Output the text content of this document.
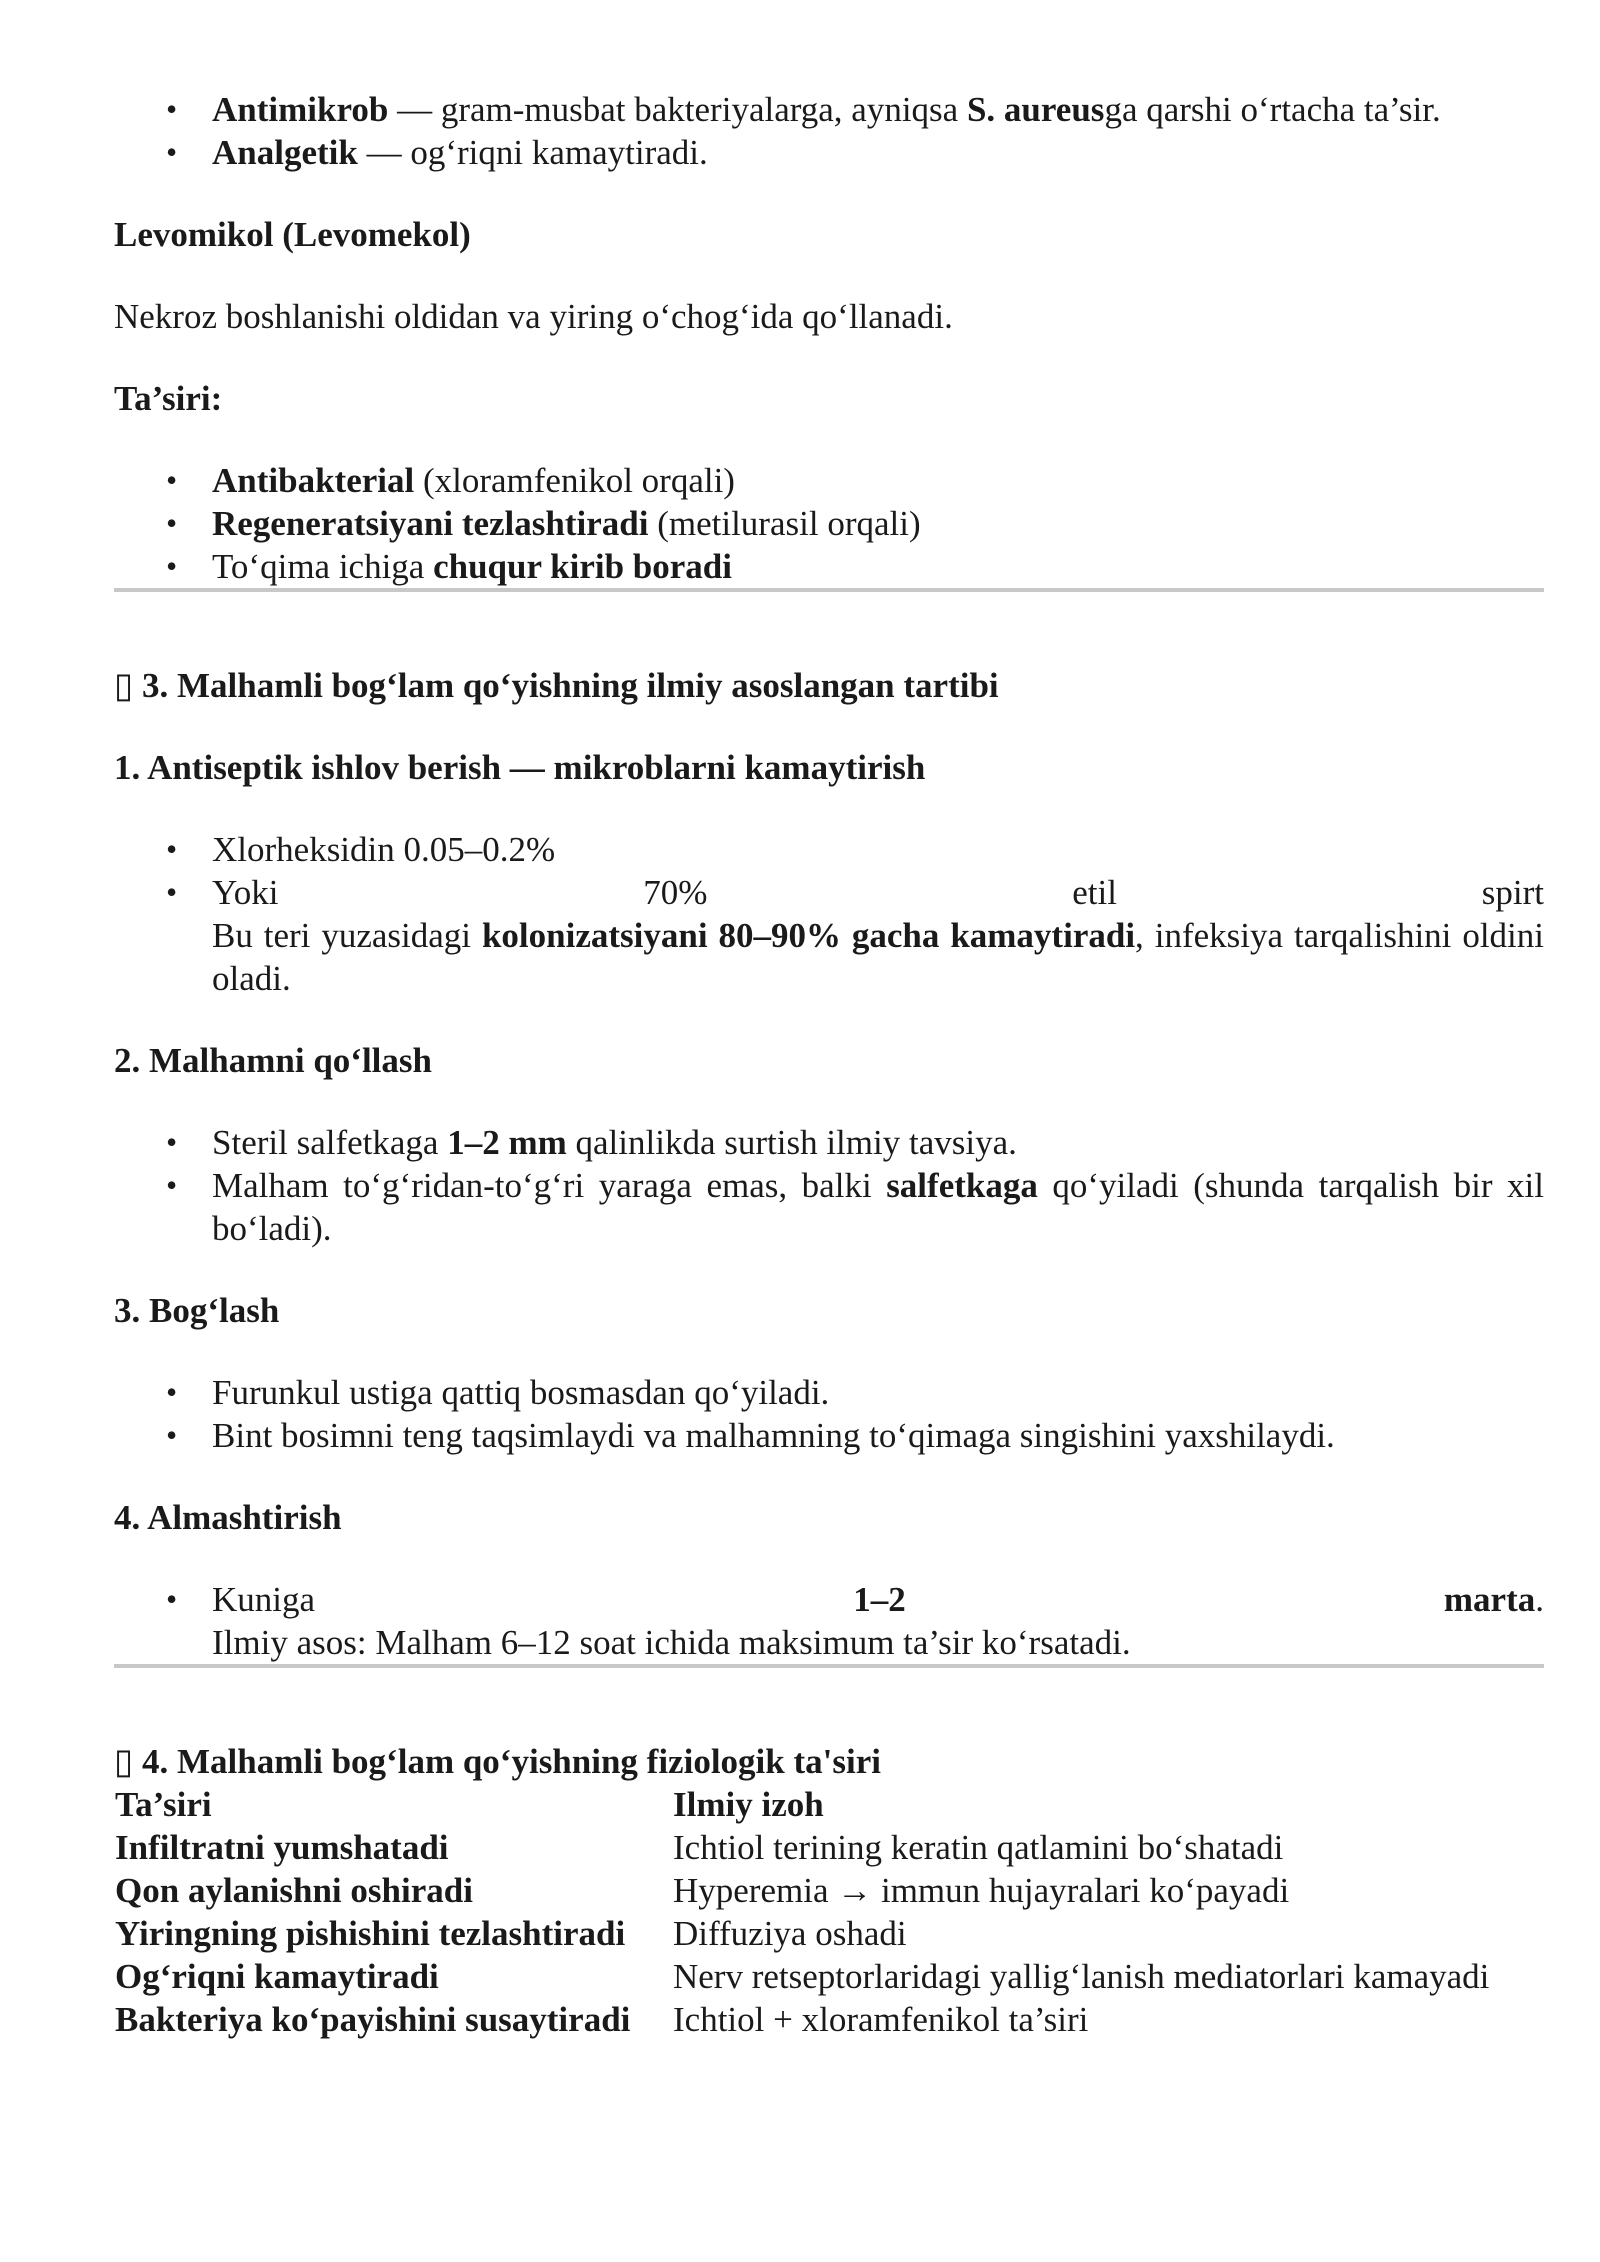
• Antimikrob — gram-musbat bakteriyalarga, ayniqsa S. aureusga qarshi o‘rtacha ta’sir.
• Analgetik — og‘riqni kamaytiradi.

Levomikol (Levomekol)

Nekroz boshlanishi oldidan va yiring o‘chog‘ida qo‘llanadi.

Ta’siri:

• Antibakterial (xloramfenikol orqali)
• Regeneratsiyani tezlashtiradi (metilurasil orqali)
• To‘qima ichiga chuqur kirib boradi

▯ 3. Malhamli bog‘lam qo‘yishning ilmiy asoslangan tartibi

1. Antiseptik ishlov berish — mikroblarni kamaytirish

• Xlorheksidin 0.05–0.2%
• Yoki	70%	etil	spirt
Bu teri yuzasidagi kolonizatsiyani 80–90% gacha kamaytiradi, infeksiya tarqalishini oldini oladi.

2. Malhamni qo‘llash

• Steril salfetkaga 1–2 mm qalinlikda surtish ilmiy tavsiya.
• Malham to‘g‘ridan-to‘g‘ri yaraga emas, balki salfetkaga qo‘yiladi (shunda tarqalish bir xil bo‘ladi).

3. Bog‘lash

• Furunkul ustiga qattiq bosmasdan qo‘yiladi.
• Bint bosimni teng taqsimlaydi va malhamning to‘qimaga singishini yaxshilaydi.

4. Almashtirish

• Kuniga	1–2	marta.
Ilmiy asos: Malham 6–12 soat ichida maksimum ta’sir ko‘rsatadi.

▯ 4. Malhamli bog‘lam qo‘yishning fiziologik ta'siri

Ta’siri	Ilmiy izoh
Infiltratni yumshatadi	Ichtiol terining keratin qatlamini bo‘shatadi
Qon aylanishni oshiradi	Hyperemia → immun hujayralari ko‘payadi
Yiringning pishishini tezlashtiradi	Diffuziya oshadi
Og‘riqni kamaytiradi	Nerv retseptorlaridagi yallig‘lanish mediatorlari kamayadi
Bakteriya ko‘payishini susaytiradi	Ichtiol + xloramfenikol ta’siri
